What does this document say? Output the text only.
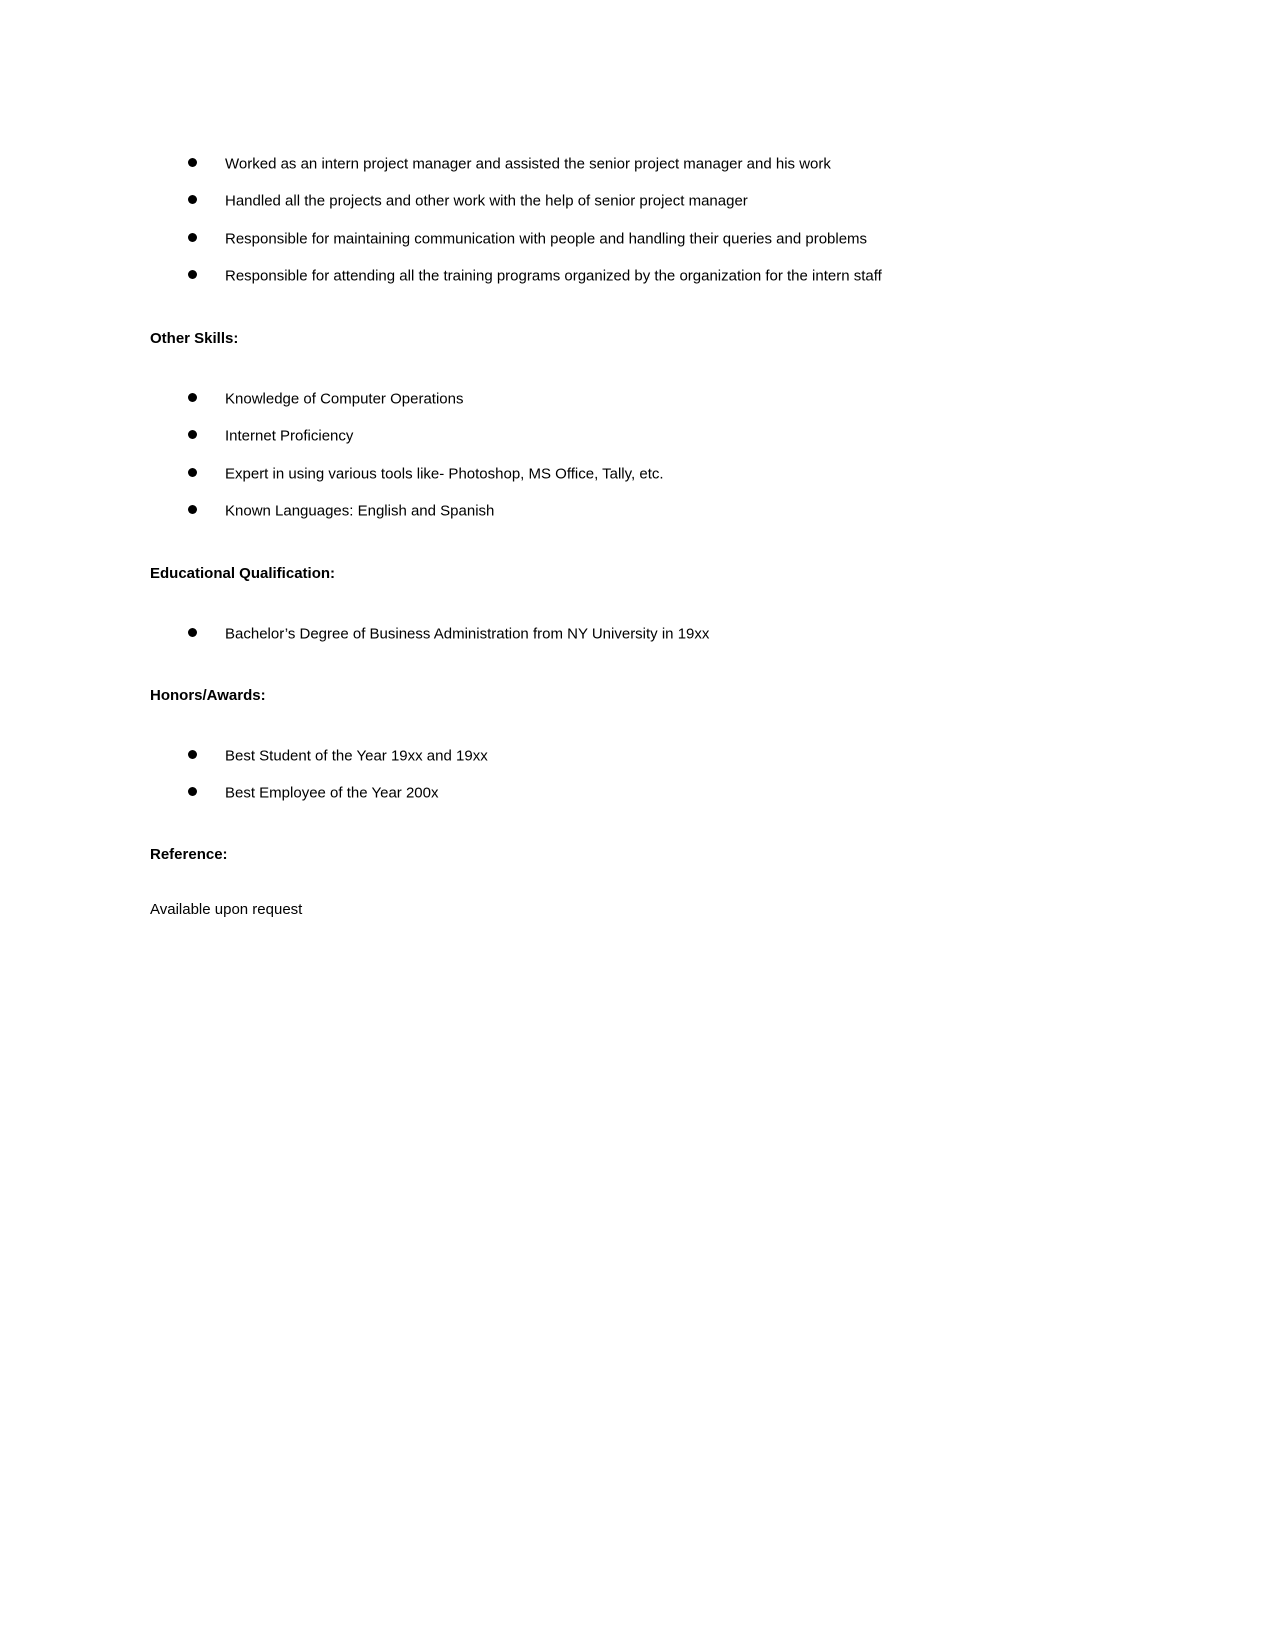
Worked as an intern project manager and assisted the senior project manager and his work
Handled all the projects and other work with the help of senior project manager
Responsible for maintaining communication with people and handling their queries and problems
Responsible for attending all the training programs organized by the organization for the intern staff
Other Skills:
Knowledge of Computer Operations
Internet Proficiency
Expert in using various tools like- Photoshop, MS Office, Tally, etc.
Known Languages: English and Spanish
Educational Qualification:
Bachelor’s Degree of Business Administration from NY University in 19xx
Honors/Awards:
Best Student of the Year 19xx and 19xx
Best Employee of the Year 200x
Reference:

Available upon request
